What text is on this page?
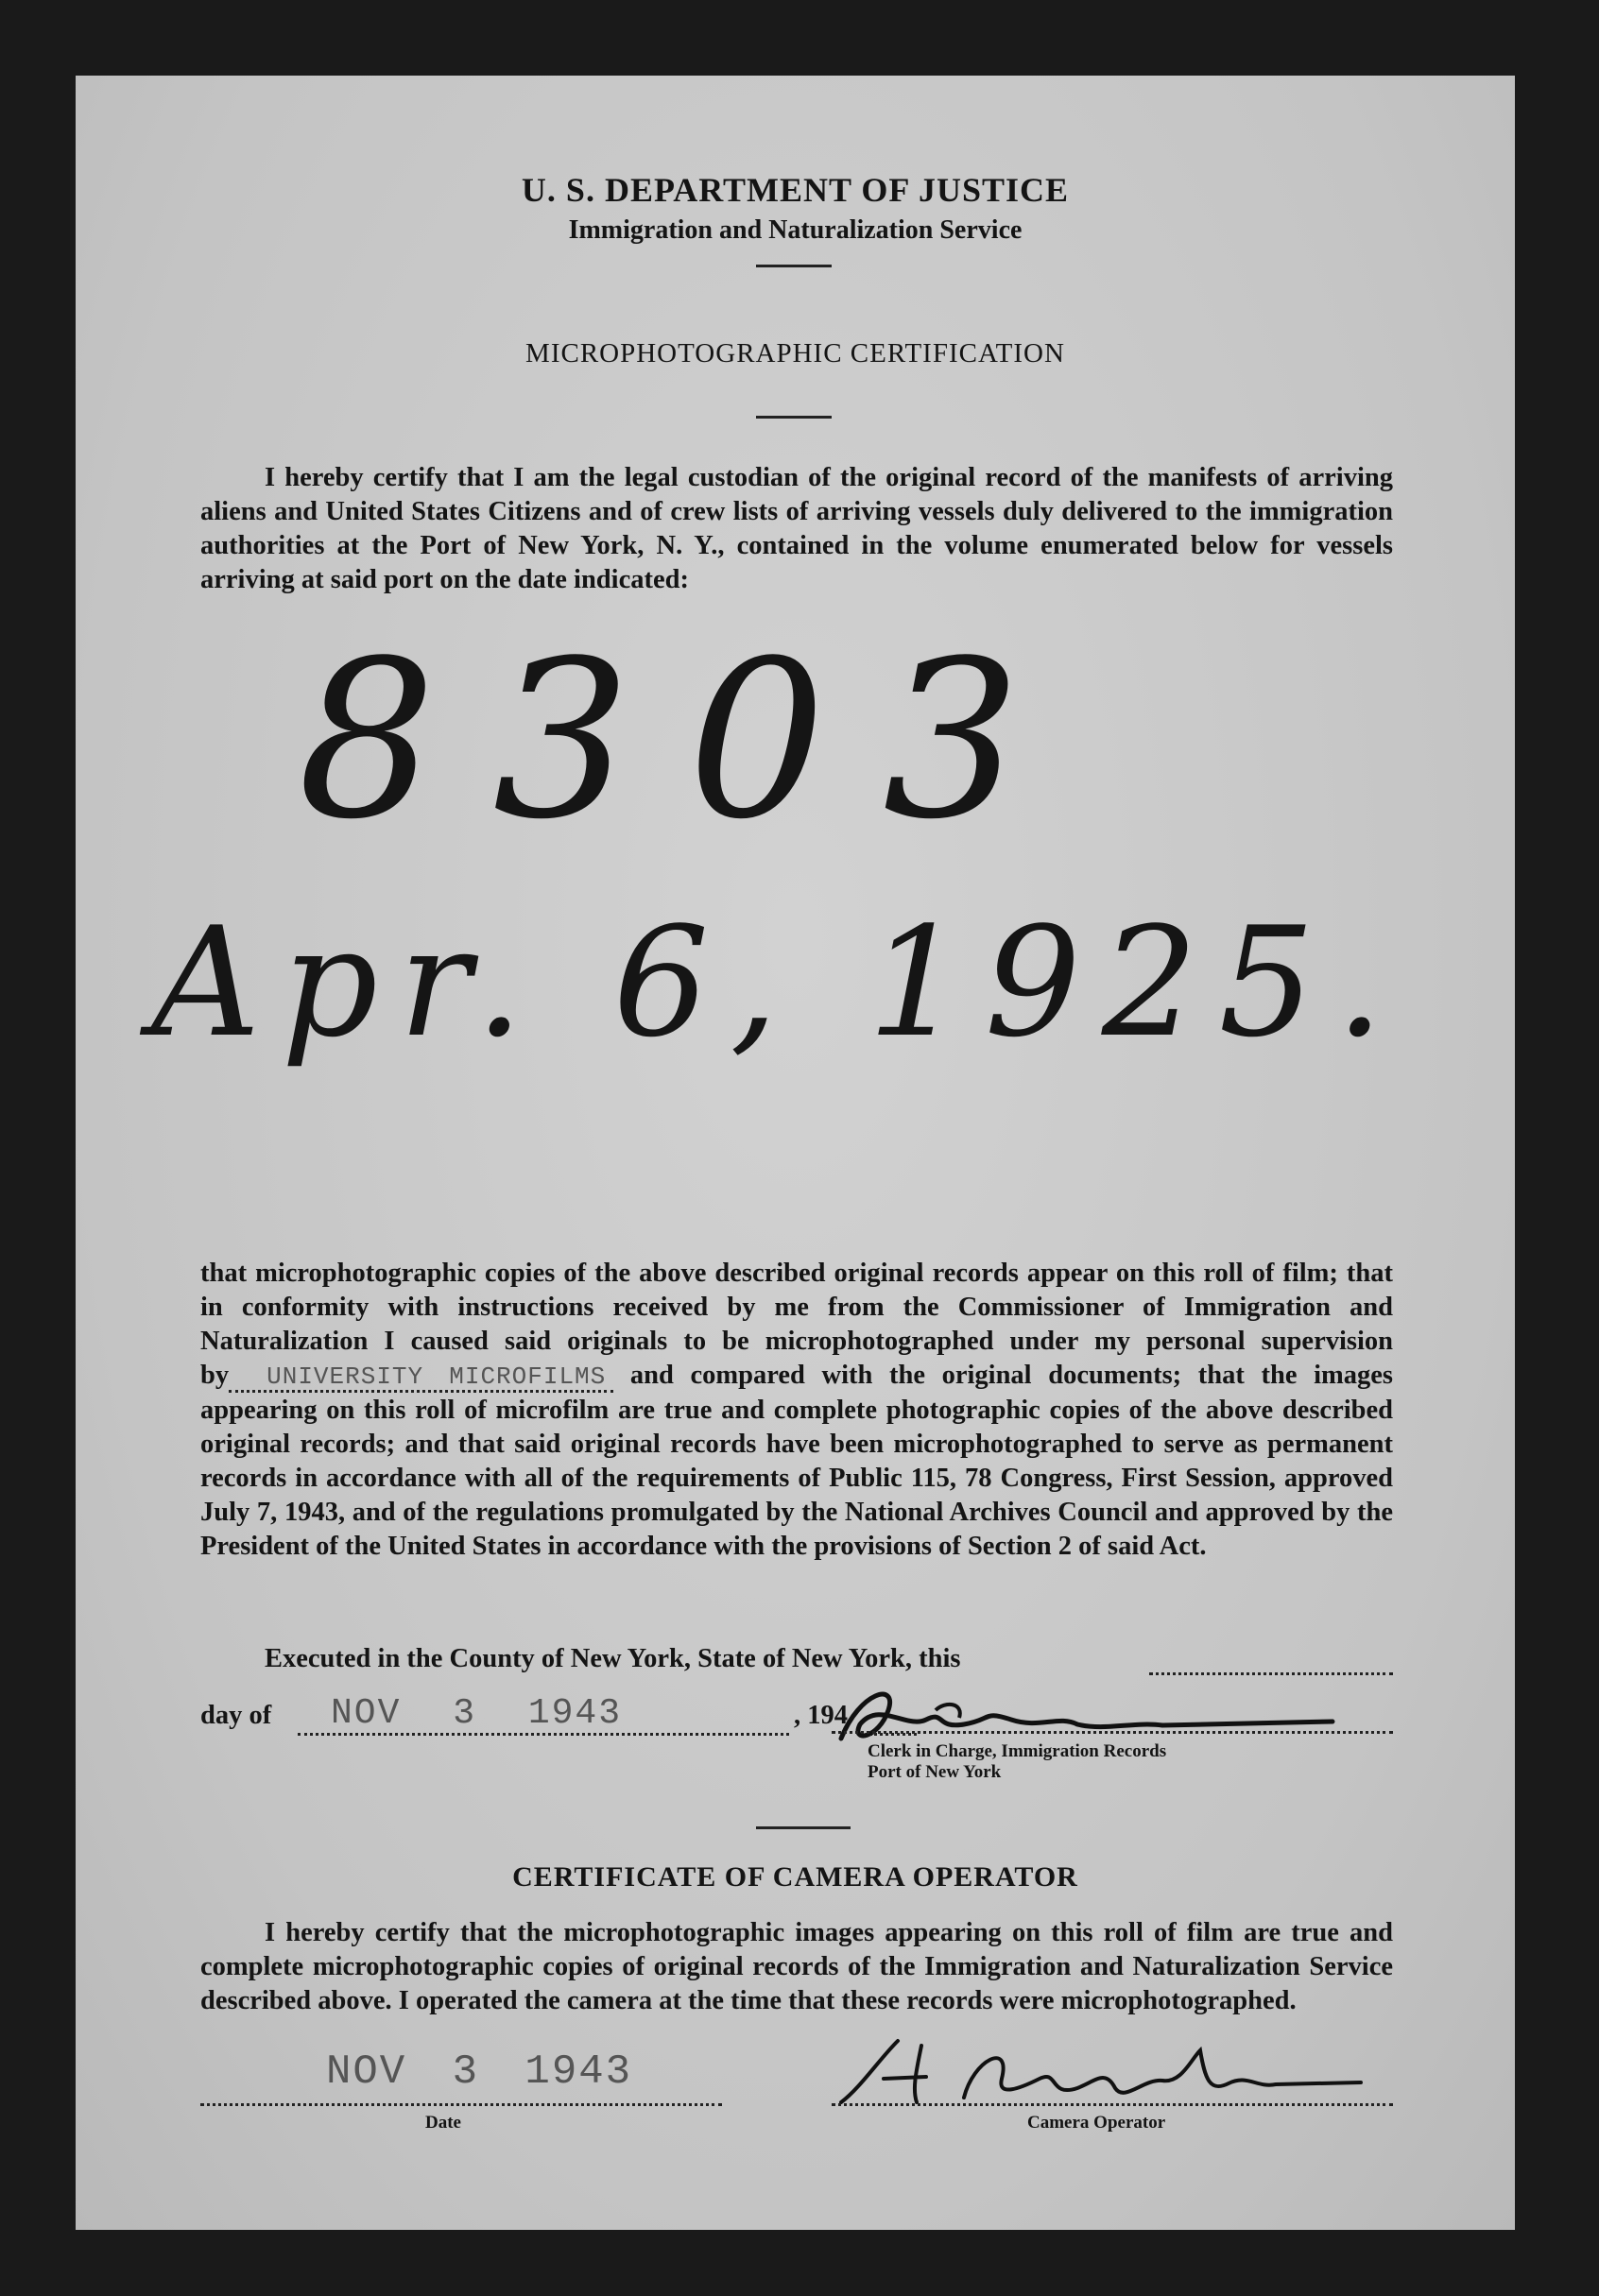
U. S. DEPARTMENT OF JUSTICE
Immigration and Naturalization Service
MICROPHOTOGRAPHIC CERTIFICATION
I hereby certify that I am the legal custodian of the original record of the manifests of arriving aliens and United States Citizens and of crew lists of arriving vessels duly delivered to the immigration authorities at the Port of New York, N. Y., contained in the volume enumerated below for vessels arriving at said port on the date indicated:
8303
Apr. 6, 1925.
that microphotographic copies of the above described original records appear on this roll of film; that in conformity with instructions received by me from the Commissioner of Immigration and Naturalization I caused said originals to be microphotographed under my personal supervision by UNIVERSITY MICROFILMS and compared with the original documents; that the images appearing on this roll of microfilm are true and complete photographic copies of the above described original records; and that said original records have been microphotographed to serve as permanent records in accordance with all of the requirements of Public 115, 78 Congress, First Session, approved July 7, 1943, and of the regulations promulgated by the National Archives Council and approved by the President of the United States in accordance with the provisions of Section 2 of said Act.
Executed in the County of New York, State of New York, this
day of NOV 3 1943	, 194
Clerk in Charge, Immigration Records
Port of New York
CERTIFICATE OF CAMERA OPERATOR
I hereby certify that the microphotographic images appearing on this roll of film are true and complete microphotographic copies of original records of the Immigration and Naturalization Service described above. I operated the camera at the time that these records were microphotographed.
NOV 3 1943
Date	Camera Operator
